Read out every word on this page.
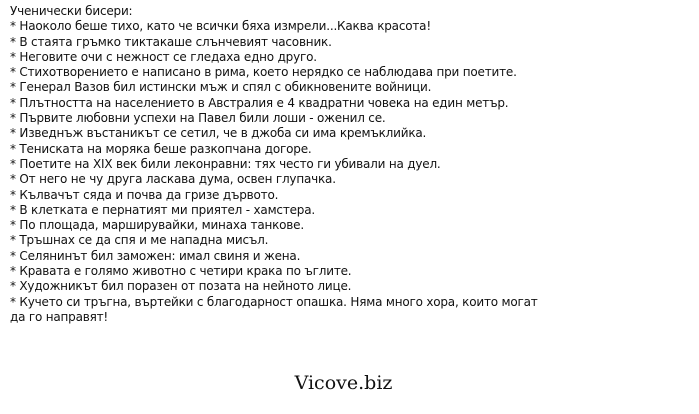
Ученически бисери:
* Наоколо беше тихо, като че всички бяха измрели...Каква красота!
* В стаята гръмко тиктакаше слънчевият часовник.
* Неговите очи с нежност се гледаха едно друго.
* Стихотворението е написано в рима, което нерядко се наблюдава при поетите.
* Генерал Вазов бил истински мъж и спял с обикновените войници.
* Плътността на населението в Австралия е 4 квадратни човека на един метър.
* Първите любовни успехи на Павел били лоши - оженил се.
* Изведнъж въстаникът се сетил, че в джоба си има кремъклийка.
* Тениската на моряка беше разкопчана догоре.
* Поетите на XIX век били леконравни: тях често ги убивали на дуел.
* От него не чу друга ласкава дума, освен глупачка.
* Кълвачът сяда и почва да гризе дървото.
* В клетката е пернатият ми приятел - хамстера.
* По площада, марширувайки, минаха танкове.
* Тръшнах се да спя и ме нападна мисъл.
* Селянинът бил заможен: имал свиня и жена.
* Кравата е голямо животно с четири крака по ъглите.
* Художникът бил поразен от позата на нейното лице.
* Кучето си тръгна, въртейки с благодарност опашка. Няма много хора, които могат
да го направят!
Vicove.biz
